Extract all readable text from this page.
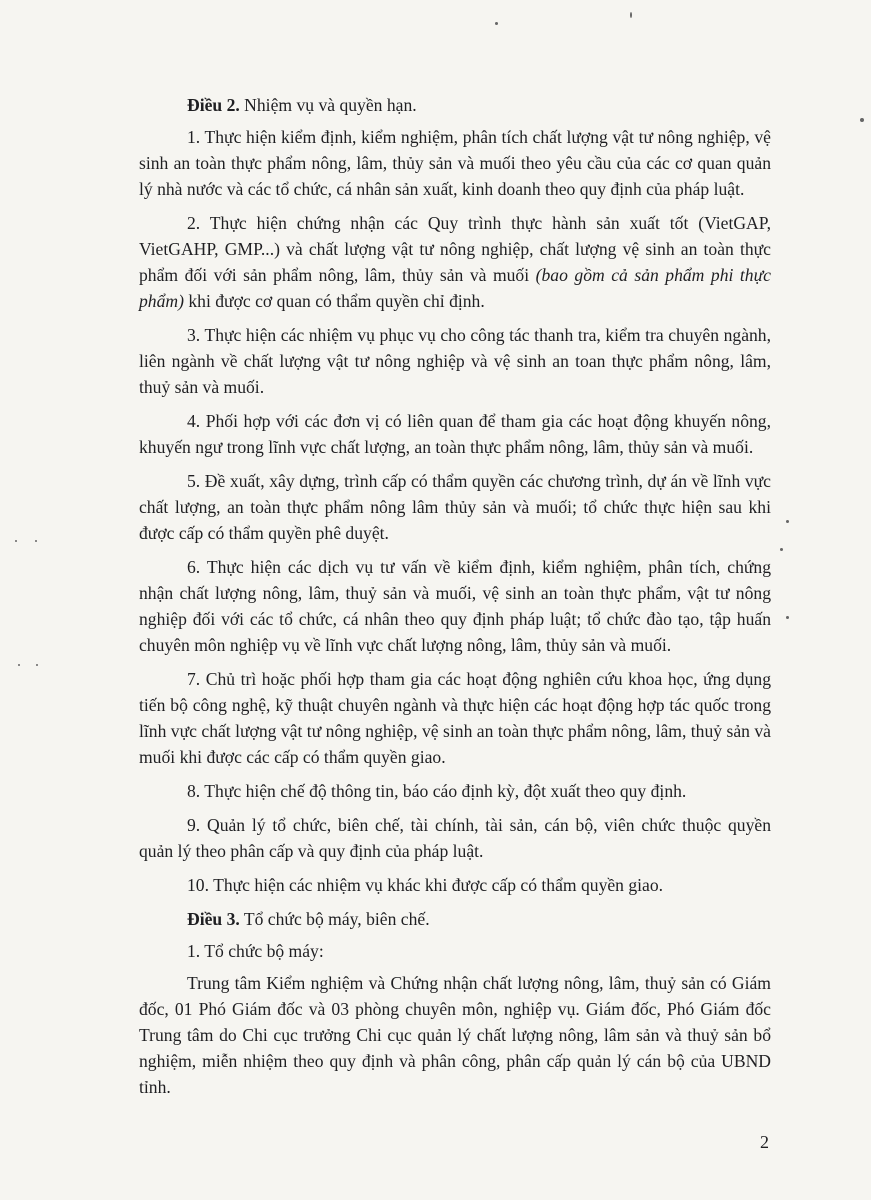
Điều 2. Nhiệm vụ và quyền hạn.

1. Thực hiện kiểm định, kiểm nghiệm, phân tích chất lượng vật tư nông nghiệp, vệ sinh an toàn thực phẩm nông, lâm, thủy sản và muối theo yêu cầu của các cơ quan quản lý nhà nước và các tổ chức, cá nhân sản xuất, kinh doanh theo quy định của pháp luật.

2. Thực hiện chứng nhận các Quy trình thực hành sản xuất tốt (VietGAP, VietGAHP, GMP...) và chất lượng vật tư nông nghiệp, chất lượng vệ sinh an toàn thực phẩm đối với sản phẩm nông, lâm, thủy sản và muối (bao gồm cả sản phẩm phi thực phẩm) khi được cơ quan có thẩm quyền chỉ định.

3. Thực hiện các nhiệm vụ phục vụ cho công tác thanh tra, kiểm tra chuyên ngành, liên ngành về chất lượng vật tư nông nghiệp và vệ sinh an toan thực phẩm nông, lâm, thuỷ sản và muối.

4. Phối hợp với các đơn vị có liên quan để tham gia các hoạt động khuyến nông, khuyến ngư trong lĩnh vực chất lượng, an toàn thực phẩm nông, lâm, thủy sản và muối.

5. Đề xuất, xây dựng, trình cấp có thẩm quyền các chương trình, dự án về lĩnh vực chất lượng, an toàn thực phẩm nông lâm thủy sản và muối; tổ chức thực hiện sau khi được cấp có thẩm quyền phê duyệt.

6. Thực hiện các dịch vụ tư vấn về kiểm định, kiểm nghiệm, phân tích, chứng nhận chất lượng nông, lâm, thuỷ sản và muối, vệ sinh an toàn thực phẩm, vật tư nông nghiệp đối với các tổ chức, cá nhân theo quy định pháp luật; tổ chức đào tạo, tập huấn chuyên môn nghiệp vụ về lĩnh vực chất lượng nông, lâm, thủy sản và muối.

7. Chủ trì hoặc phối hợp tham gia các hoạt động nghiên cứu khoa học, ứng dụng tiến bộ công nghệ, kỹ thuật chuyên ngành và thực hiện các hoạt động hợp tác quốc trong lĩnh vực chất lượng vật tư nông nghiệp, vệ sinh an toàn thực phẩm nông, lâm, thuỷ sản và muối khi được các cấp có thẩm quyền giao.

8. Thực hiện chế độ thông tin, báo cáo định kỳ, đột xuất theo quy định.

9. Quản lý tổ chức, biên chế, tài chính, tài sản, cán bộ, viên chức thuộc quyền quản lý theo phân cấp và quy định của pháp luật.

10. Thực hiện các nhiệm vụ khác khi được cấp có thẩm quyền giao.

Điều 3. Tổ chức bộ máy, biên chế.

1. Tổ chức bộ máy:

Trung tâm Kiểm nghiệm và Chứng nhận chất lượng nông, lâm, thuỷ sản có Giám đốc, 01 Phó Giám đốc và 03 phòng chuyên môn, nghiệp vụ. Giám đốc, Phó Giám đốc Trung tâm do Chi cục trưởng Chi cục quản lý chất lượng nông, lâm sản và thuỷ sản bổ nghiệm, miễn nhiệm theo quy định và phân công, phân cấp quản lý cán bộ của UBND tỉnh.

2
